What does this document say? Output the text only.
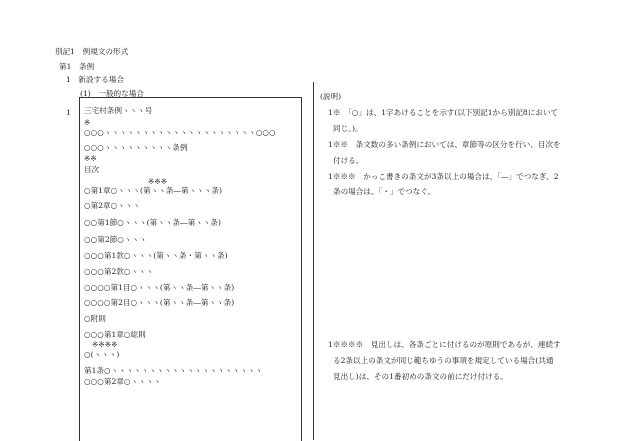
別記1　例規文の形式
第1　条例
1　新設する場合
(1)　一般的な場合
1 三宅村条例ヽヽヽ号
※
○○○ヽヽヽヽヽヽヽヽヽヽヽヽヽヽヽヽヽヽヽヽ○○○
○○○ヽヽヽヽヽヽヽヽヽ条例
※※
目次
※※※
○第1章○ヽヽヽ(第ヽヽ条―第ヽヽヽ条)
○第2章○ヽヽヽ
○○第1節○ヽヽヽ(第ヽヽ条―第ヽヽ条)
○○第2節○ヽヽヽ
○○○第1款○ヽヽヽ(第ヽヽ条・第ヽヽ条)
○○○第2款○ヽヽヽ
○○○○第1目○ヽヽヽ(第ヽヽ条―第ヽヽ条)
○○○○第2目○ヽヽヽ(第ヽヽ条―第ヽヽ条)
○附則
○○○第1章○総則
※※※※
○(ヽヽヽ)
第1条○ヽヽヽヽヽヽヽヽヽヽヽヽヽヽヽヽヽヽヽヽ
○○○第2章○ヽヽヽヽ
(説明)
1※　「○」は、1字あけることを示す(以下別記1から別記8において
同じ。)。
1※※　条文数の多い条例においては、章節等の区分を行い、目次を
付ける。
1※※※　かっこ書きの条文が3条以上の場合は、「―」でつなぎ、2
条の場合は、「・」でつなぐ。
1※※※※　見出しは、各条ごとに付けるのが原則であるが、連続す
る2条以上の条文が同じ範ちゆうの事項を規定している場合(共通
見出し)は、その1番初めの条文の前にだけ付ける。
